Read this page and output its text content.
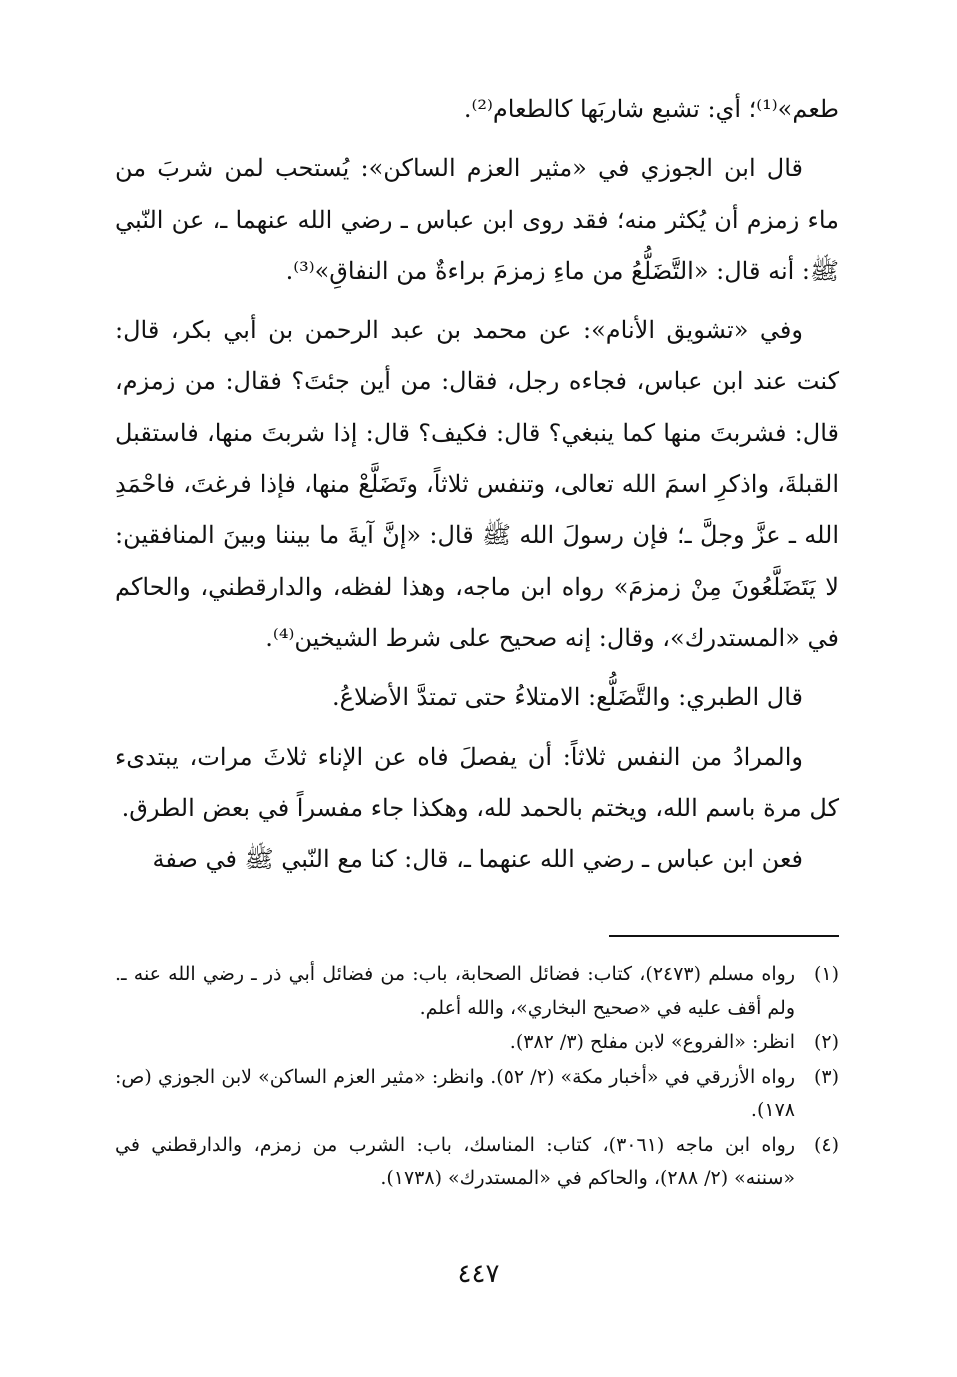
طعم»⁽¹⁾؛ أي: تشبع شاربَها كالطعام⁽²⁾.

قال ابن الجوزي في «مثير العزم الساكن»: يُستحب لمن شربَ من ماء زمزم أن يُكثر منه؛ فقد روى ابن عباس ـ رضي الله عنهما ـ، عن النّبي ﷺ: أنه قال: «التَّضَلُّعُ من ماءِ زمزمَ براءةٌ من النفاقِ»⁽³⁾.

وفي «تشويق الأنام»: عن محمد بن عبد الرحمن بن أبي بكر، قال: كنت عند ابن عباس، فجاءه رجل، فقال: من أين جئتَ؟ فقال: من زمزم، قال: فشربتَ منها كما ينبغي؟ قال: فكيف؟ قال: إذا شربتَ منها، فاستقبل القبلةَ، واذكرِ اسمَ الله تعالى، وتنفس ثلاثاً، وتَضَلَّعْ منها، فإذا فرغتَ، فاحْمَدِ الله ـ عزَّ وجلَّ ـ؛ فإن رسولَ الله ﷺ قال: «إنَّ آيةَ ما بيننا وبينَ المنافقين: لا يَتَضَلَّعُونَ مِنْ زمزمَ» رواه ابن ماجه، وهذا لفظه، والدارقطني، والحاكم في «المستدرك»، وقال: إنه صحيح على شرط الشيخين⁽⁴⁾.

قال الطبري: والتَّضَلُّع: الامتلاءُ حتى تمتدَّ الأضلاعُ.

والمرادُ من النفس ثلاثاً: أن يفصلَ فاه عن الإناء ثلاثَ مرات، يبتدىء كل مرة باسم الله، ويختم بالحمد لله، وهكذا جاء مفسراً في بعض الطرق.

فعن ابن عباس ـ رضي الله عنهما ـ، قال: كنا مع النّبي ﷺ في صفة

(١)
رواه مسلم (٢٤٧٣)، كتاب: فضائل الصحابة، باب: من فضائل أبي ذر ـ رضي الله عنه ـ. ولم أقف عليه في «صحيح البخاري»، والله أعلم.
(٢)
انظر: «الفروع» لابن مفلح (٣/ ٣٨٢).
(٣)
رواه الأزرقي في «أخبار مكة» (٢/ ٥٢). وانظر: «مثير العزم الساكن» لابن الجوزي (ص: ١٧٨).
(٤)
رواه ابن ماجه (٣٠٦١)، كتاب: المناسك، باب: الشرب من زمزم، والدارقطني في «سننه» (٢/ ٢٨٨)، والحاكم في «المستدرك» (١٧٣٨).
٤٤٧
